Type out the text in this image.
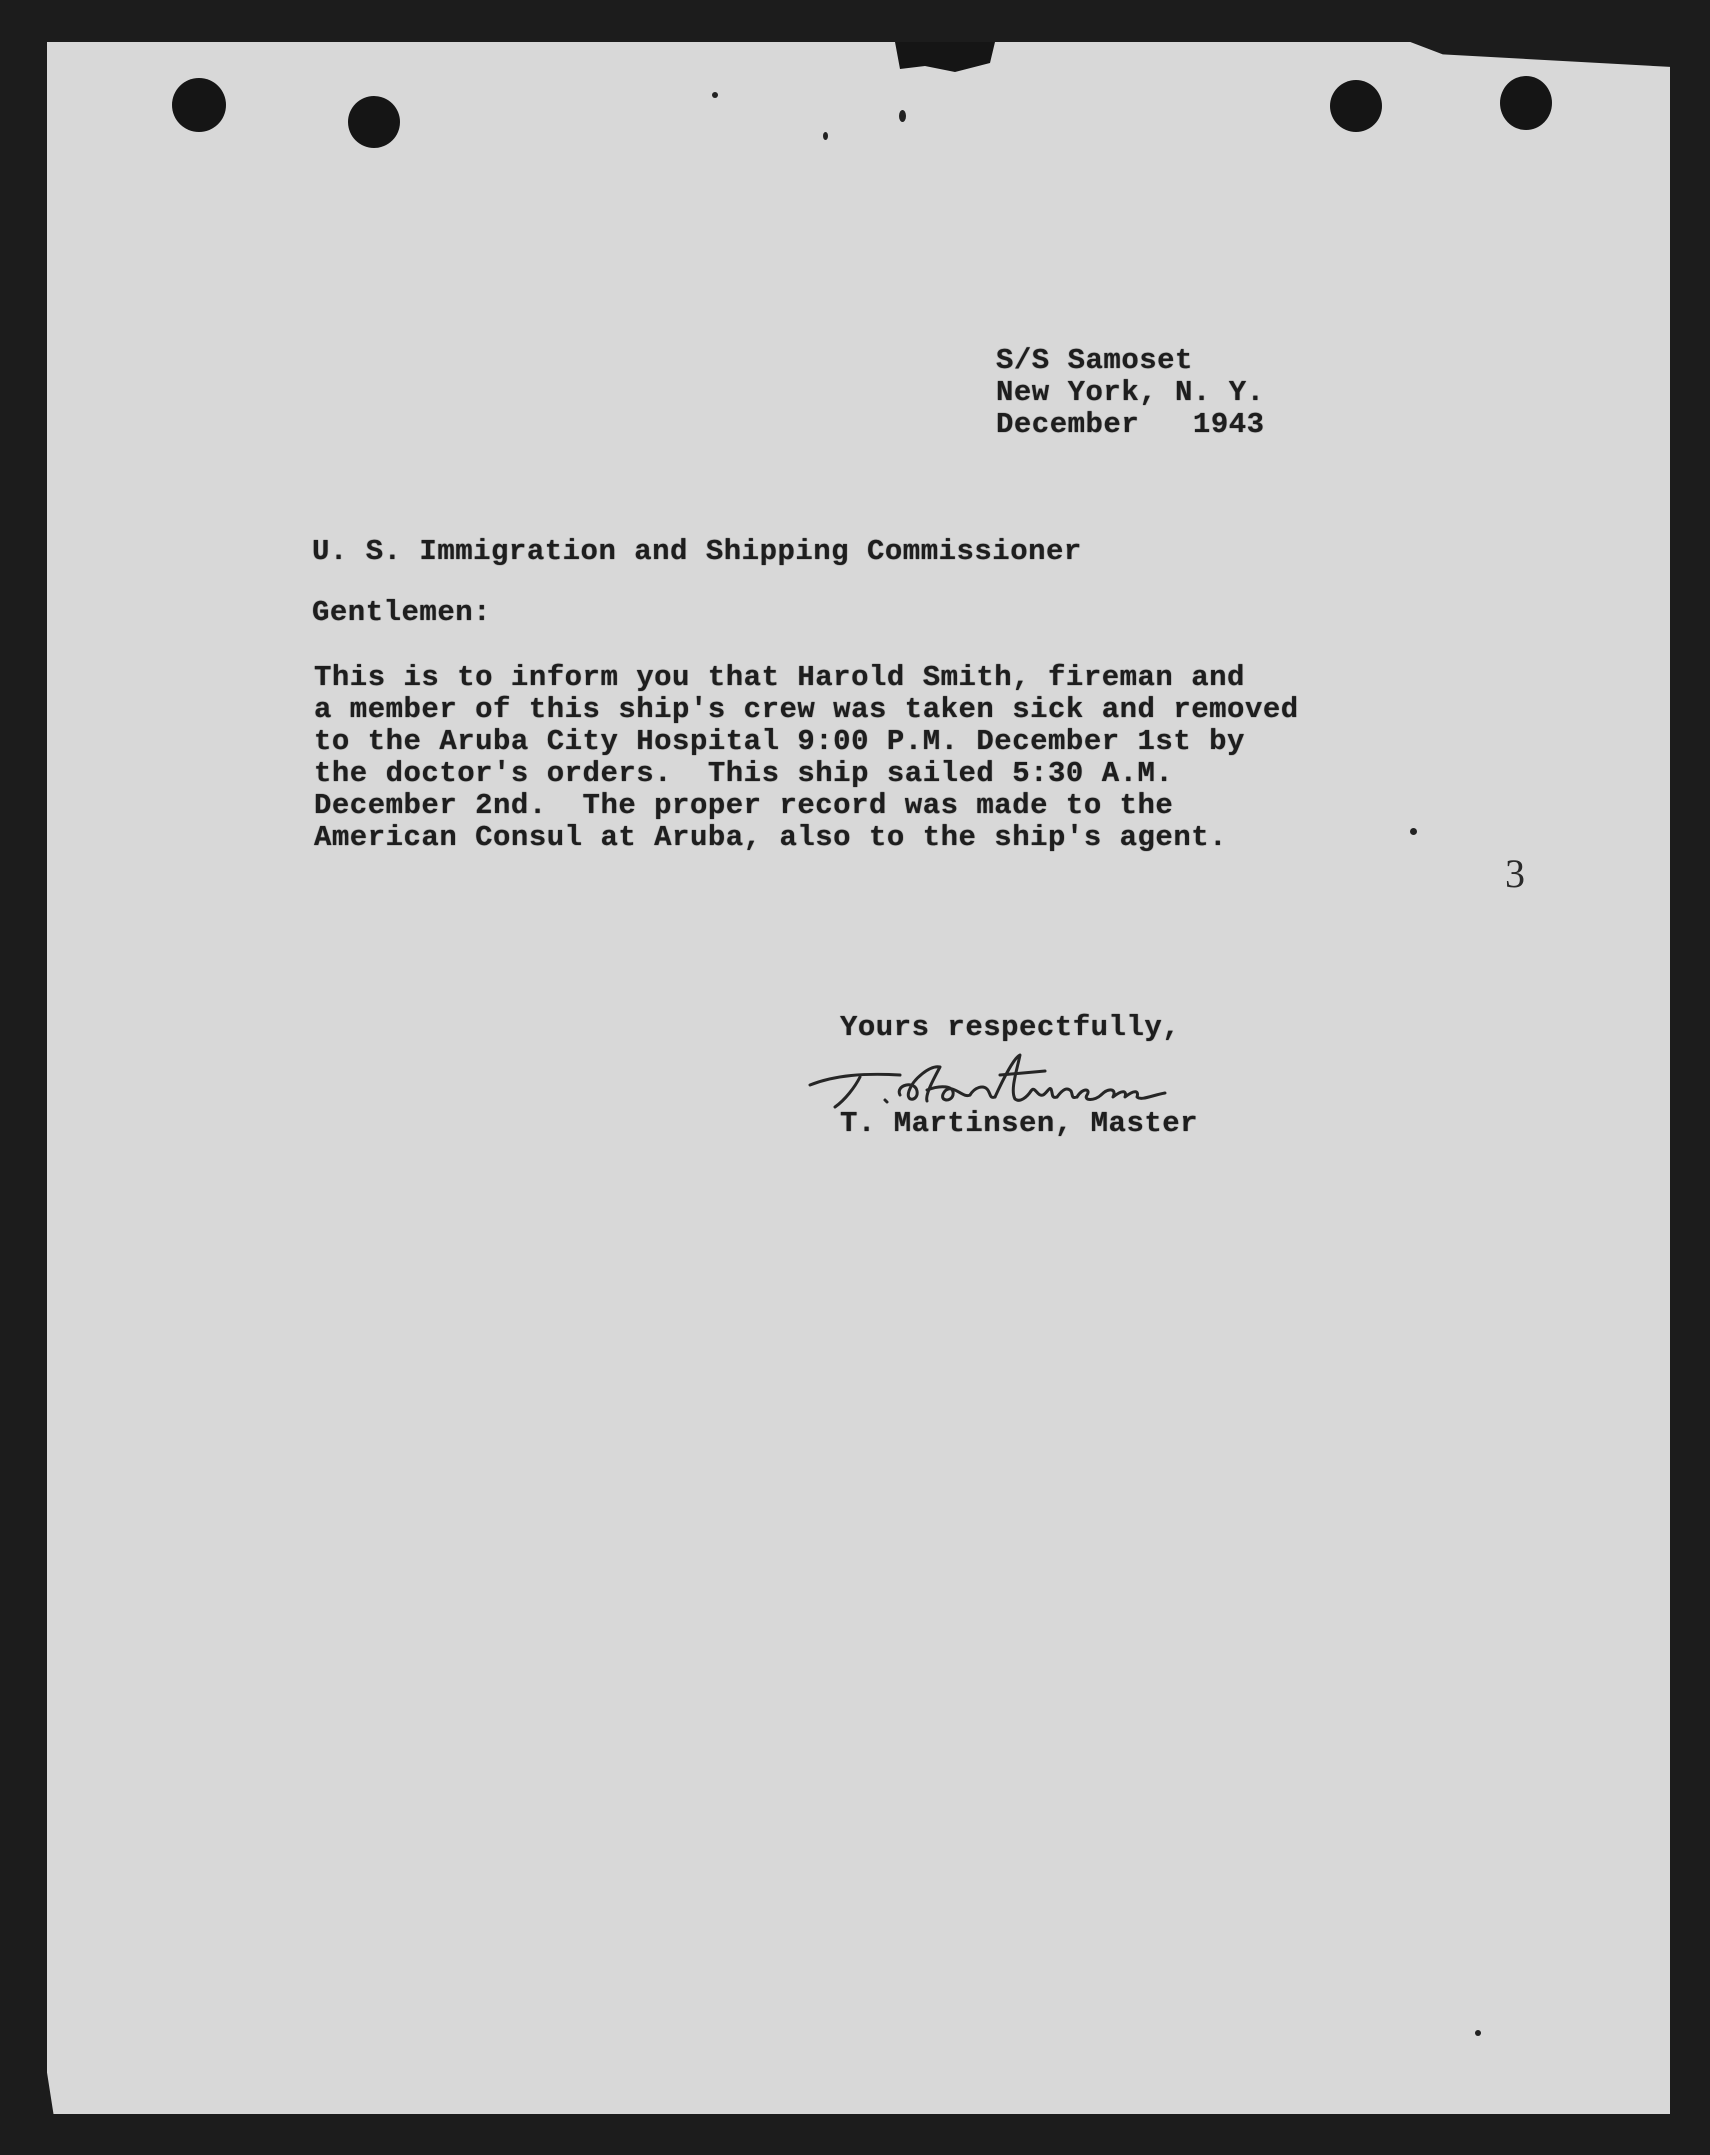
S/S Samoset
New York, N. Y.
December   1943
U. S. Immigration and Shipping Commissioner
Gentlemen:
This is to inform you that Harold Smith, fireman and
a member of this ship's crew was taken sick and removed
to the Aruba City Hospital 9:00 P.M. December 1st by
the doctor's orders.  This ship sailed 5:30 A.M.
December 2nd.  The proper record was made to the
American Consul at Aruba, also to the ship's agent.
3
Yours respectfully,
T. Martinsen, Master
